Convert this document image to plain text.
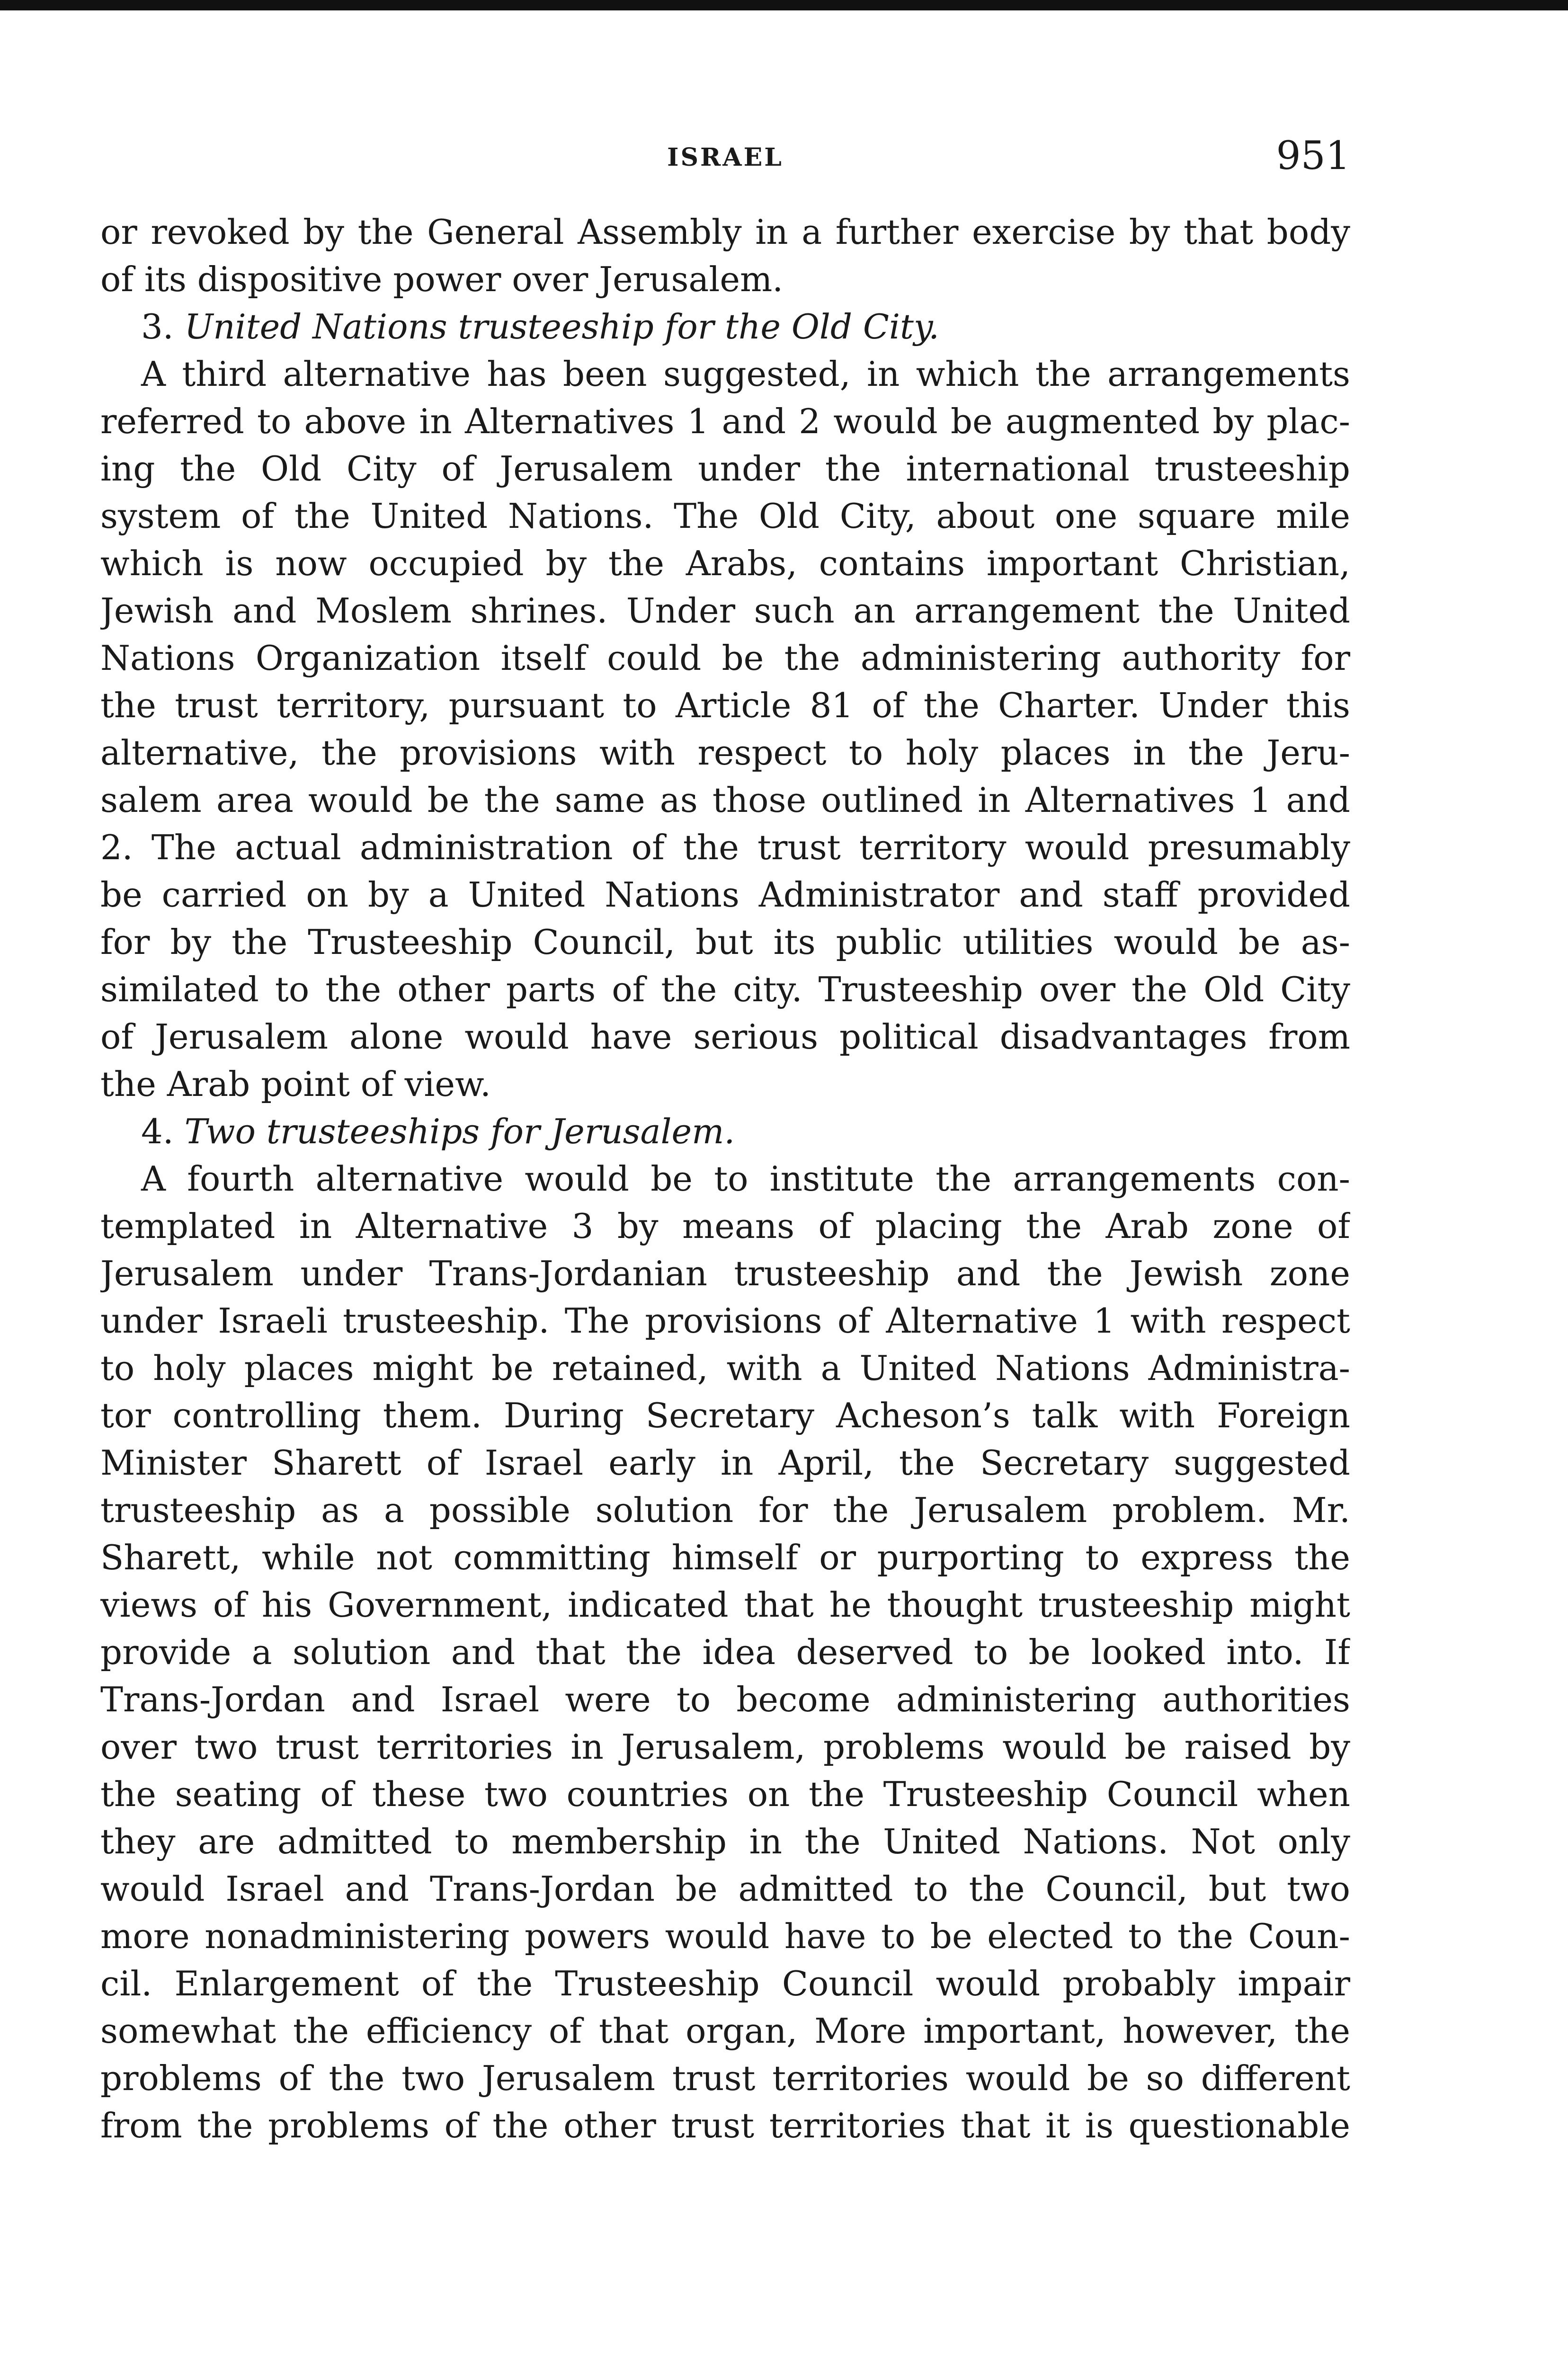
ISRAEL	951
or revoked by the General Assembly in a further exercise by that body
of its dispositive power over Jerusalem.
3. United Nations trusteeship for the Old City.
A third alternative has been suggested, in which the arrangements
referred to above in Alternatives 1 and 2 would be augmented by plac-
ing the Old City of Jerusalem under the international trusteeship
system of the United Nations. The Old City, about one square mile
which is now occupied by the Arabs, contains important Christian,
Jewish and Moslem shrines. Under such an arrangement the United
Nations Organization itself could be the administering authority for
the trust territory, pursuant to Article 81 of the Charter. Under this
alternative, the provisions with respect to holy places in the Jeru-
salem area would be the same as those outlined in Alternatives 1 and
2. The actual administration of the trust territory would presumably
be carried on by a United Nations Administrator and staff provided
for by the Trusteeship Council, but its public utilities would be as-
similated to the other parts of the city. Trusteeship over the Old City
of Jerusalem alone would have serious political disadvantages from
the Arab point of view.
4. Two trusteeships for Jerusalem.
A fourth alternative would be to institute the arrangements con-
templated in Alternative 3 by means of placing the Arab zone of
Jerusalem under Trans-Jordanian trusteeship and the Jewish zone
under Israeli trusteeship. The provisions of Alternative 1 with respect
to holy places might be retained, with a United Nations Administra-
tor controlling them. During Secretary Acheson’s talk with Foreign
Minister Sharett of Israel early in April, the Secretary suggested
trusteeship as a possible solution for the Jerusalem problem. Mr.
Sharett, while not committing himself or purporting to express the
views of his Government, indicated that he thought trusteeship might
provide a solution and that the idea deserved to be looked into. If
Trans-Jordan and Israel were to become administering authorities
over two trust territories in Jerusalem, problems would be raised by
the seating of these two countries on the Trusteeship Council when
they are admitted to membership in the United Nations. Not only
would Israel and Trans-Jordan be admitted to the Council, but two
more nonadministering powers would have to be elected to the Coun-
cil. Enlargement of the Trusteeship Council would probably impair
somewhat the efficiency of that organ, More important, however, the
problems of the two Jerusalem trust territories would be so different
from the problems of the other trust territories that it is questionable
